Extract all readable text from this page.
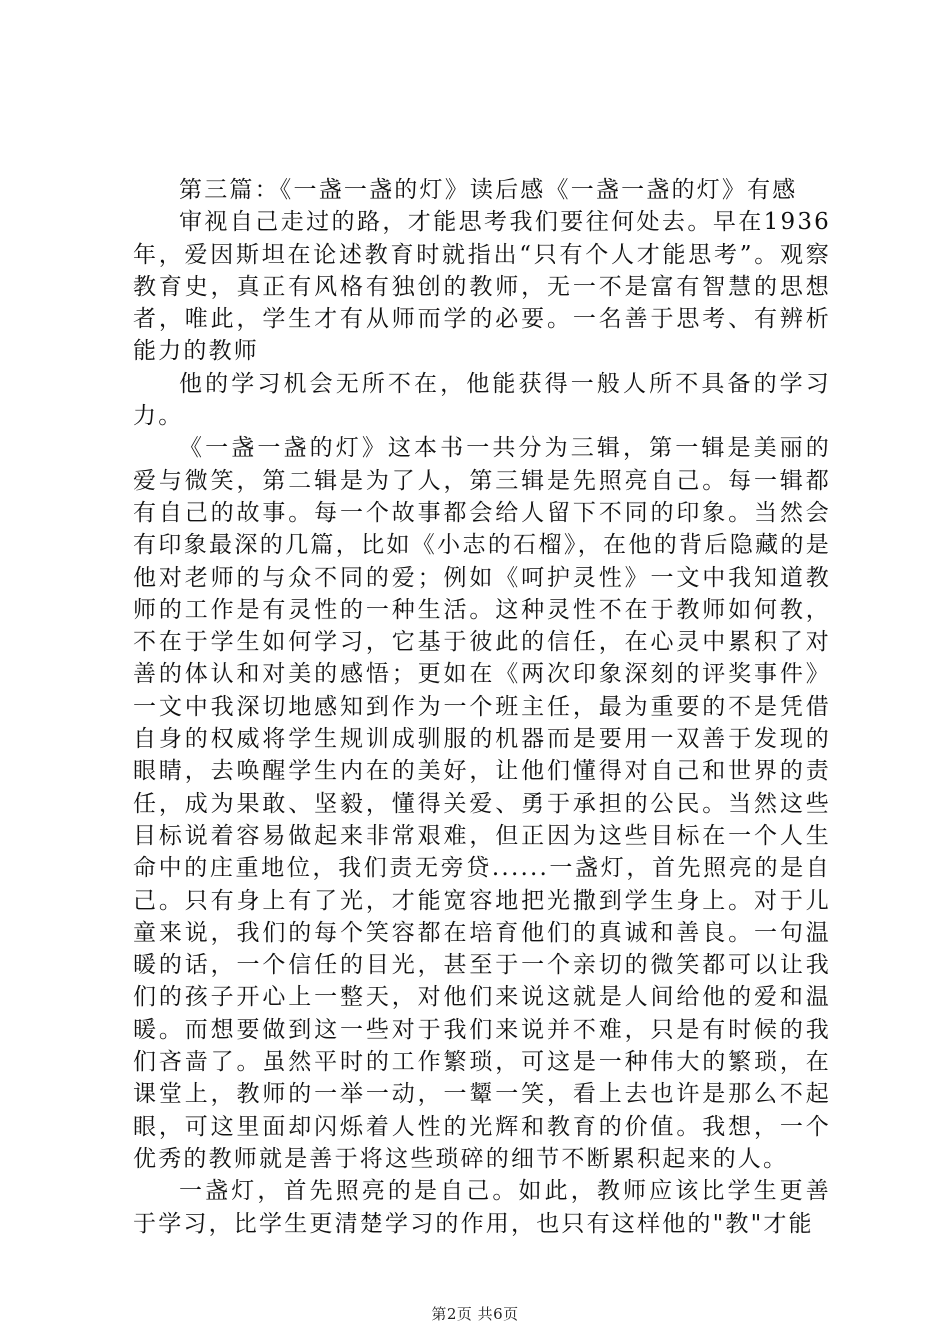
第三篇：《一盏一盏的灯》读后感《一盏一盏的灯》有感

审视自己走过的路，才能思考我们要往何处去。早在1936年，爱因斯坦在论述教育时就指出“只有个人才能思考”。观察教育史，真正有风格有独创的教师，无一不是富有智慧的思想者，唯此，学生才有从师而学的必要。一名善于思考、有辨析能力的教师

他的学习机会无所不在，他能获得一般人所不具备的学习力。

《一盏一盏的灯》这本书一共分为三辑，第一辑是美丽的爱与微笑，第二辑是为了人，第三辑是先照亮自己。每一辑都有自己的故事。每一个故事都会给人留下不同的印象。当然会有印象最深的几篇，比如《小志的石榴》，在他的背后隐藏的是他对老师的与众不同的爱；例如《呵护灵性》一文中我知道教师的工作是有灵性的一种生活。这种灵性不在于教师如何教，不在于学生如何学习，它基于彼此的信任，在心灵中累积了对善的体认和对美的感悟；更如在《两次印象深刻的评奖事件》一文中我深切地感知到作为一个班主任，最为重要的不是凭借自身的权威将学生规训成驯服的机器而是要用一双善于发现的眼睛，去唤醒学生内在的美好，让他们懂得对自己和世界的责任，成为果敢、坚毅，懂得关爱、勇于承担的公民。当然这些目标说着容易做起来非常艰难，但正因为这些目标在一个人生命中的庄重地位，我们责无旁贷......一盏灯，首先照亮的是自己。只有身上有了光，才能宽容地把光撒到学生身上。对于儿童来说，我们的每个笑容都在培育他们的真诚和善良。一句温暖的话，一个信任的目光，甚至于一个亲切的微笑都可以让我们的孩子开心上一整天，对他们来说这就是人间给他的爱和温暖。而想要做到这一些对于我们来说并不难，只是有时候的我们吝啬了。虽然平时的工作繁琐，可这是一种伟大的繁琐，在课堂上，教师的一举一动，一颦一笑，看上去也许是那么不起眼，可这里面却闪烁着人性的光辉和教育的价值。我想，一个优秀的教师就是善于将这些琐碎的细节不断累积起来的人。

一盏灯，首先照亮的是自己。如此，教师应该比学生更善于学习，比学生更清楚学习的作用，也只有这样他的"教"才能

第2页 共6页
